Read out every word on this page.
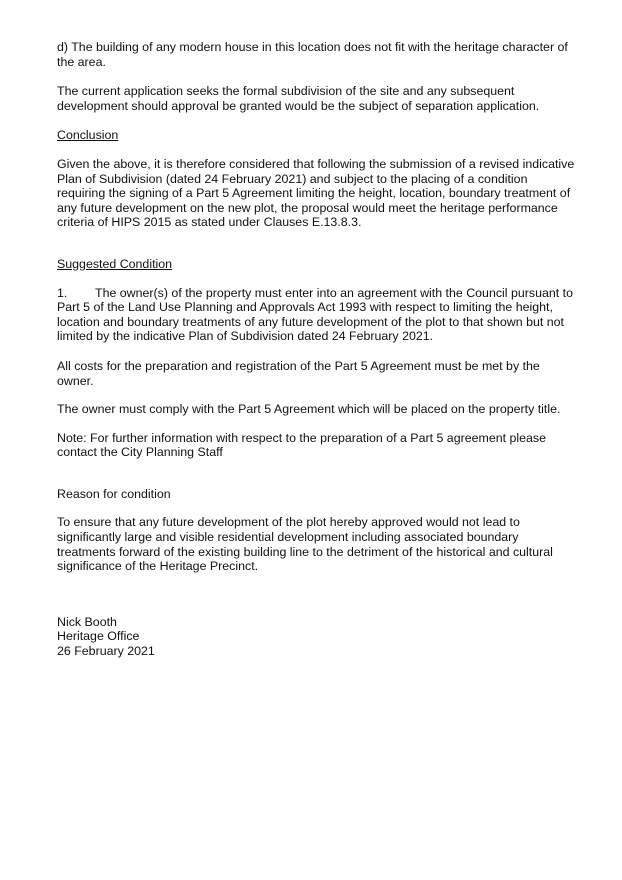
d) The building of any modern house in this location does not fit with the heritage character of the area.

The current application seeks the formal subdivision of the site and any subsequent development should approval be granted would be the subject of separation application.

Conclusion

Given the above, it is therefore considered that following the submission of a revised indicative Plan of Subdivision (dated 24 February 2021) and subject to the placing of a condition requiring the signing of a Part 5 Agreement limiting the height, location, boundary treatment of any future development on the new plot, the proposal would meet the heritage performance criteria of HIPS 2015 as stated under Clauses E.13.8.3.

Suggested Condition

1. The owner(s) of the property must enter into an agreement with the Council pursuant to Part 5 of the Land Use Planning and Approvals Act 1993 with respect to limiting the height, location and boundary treatments of any future development of the plot to that shown but not limited by the indicative Plan of Subdivision dated 24 February 2021.

All costs for the preparation and registration of the Part 5 Agreement must be met by the owner.

The owner must comply with the Part 5 Agreement which will be placed on the property title.

Note: For further information with respect to the preparation of a Part 5 agreement please contact the City Planning Staff

Reason for condition

To ensure that any future development of the plot hereby approved would not lead to significantly large and visible residential development including associated boundary treatments forward of the existing building line to the detriment of the historical and cultural significance of the Heritage Precinct.

Nick Booth

Heritage Office

26 February 2021
